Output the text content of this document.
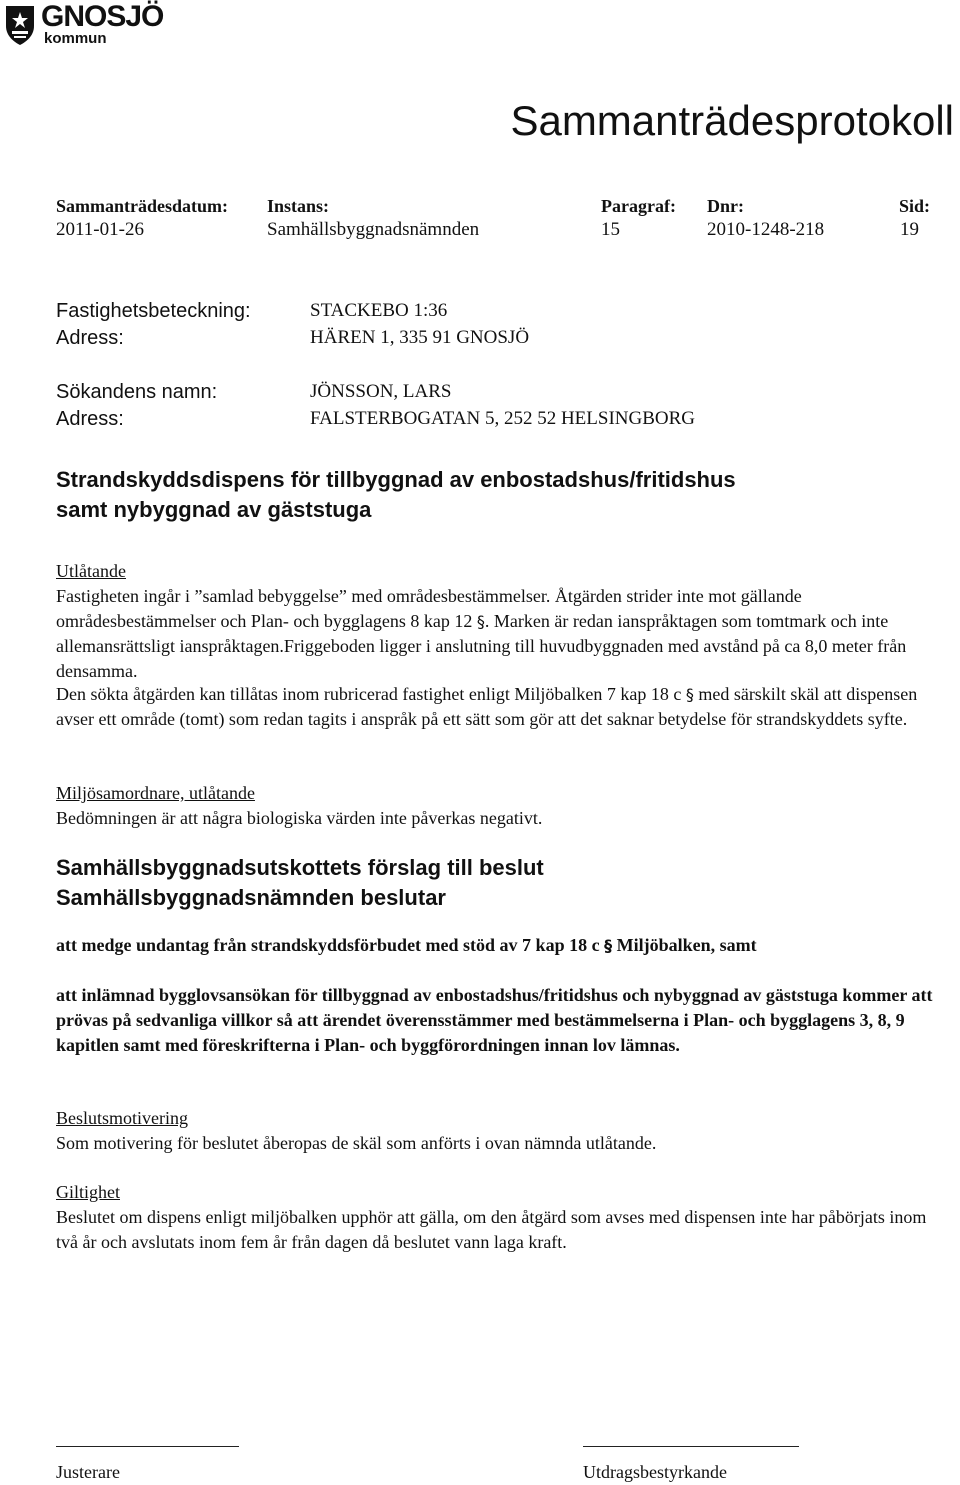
GNOSJÖ
kommun
Sammanträdesprotokoll
Sammanträdesdatum:
2011-01-26
Instans:
Samhällsbyggnadsnämnden
Paragraf:
15
Dnr:
2010-1248-218
Sid:
19
Fastighetsbeteckning:	STACKEBO 1:36
Adress:	HÄREN 1, 335 91 GNOSJÖ
Sökandens namn:	JÖNSSON, LARS
Adress:	FALSTERBOGATAN 5, 252 52 HELSINGBORG
Strandskyddsdispens för tillbyggnad av enbostadshus/fritidshus
samt nybyggnad av gäststuga
Utlåtande

Fastigheten ingår i ”samlad bebyggelse” med områdesbestämmelser. Åtgärden strider inte mot gällande områdesbestämmelser och Plan- och bygglagens 8 kap 12 §. Marken är redan ianspråktagen som tomtmark och inte allemansrättsligt ianspråktagen.Friggeboden ligger i anslutning till huvudbyggnaden med avstånd på ca 8,0 meter från densamma.

Den sökta åtgärden kan tillåtas inom rubricerad fastighet enligt Miljöbalken 7 kap 18 c § med särskilt skäl att dispensen avser ett område (tomt) som redan tagits i anspråk på ett sätt som gör att det saknar betydelse för strandskyddets syfte.

Miljösamordnare, utlåtande

Bedömningen är att några biologiska värden inte påverkas negativt.

Samhällsbyggnadsutskottets förslag till beslut
Samhällsbyggnadsnämnden beslutar

att medge undantag från strandskyddsförbudet med stöd av 7 kap 18 c § Miljöbalken, samt

att inlämnad bygglovsansökan för tillbyggnad av enbostadshus/fritidshus och nybyggnad av gäststuga kommer att prövas på sedvanliga villkor så att ärendet överensstämmer med bestämmelserna i Plan- och bygglagens 3, 8, 9 kapitlen samt med föreskrifterna i Plan- och byggförordningen innan lov lämnas.

Beslutsmotivering

Som motivering för beslutet åberopas de skäl som anförts i ovan nämnda utlåtande.

Giltighet

Beslutet om dispens enligt miljöbalken upphör att gälla, om den åtgärd som avses med dispensen inte har påbörjats inom två år och avslutats inom fem år från dagen då beslutet vann laga kraft.

Justerare	Utdragsbestyrkande
